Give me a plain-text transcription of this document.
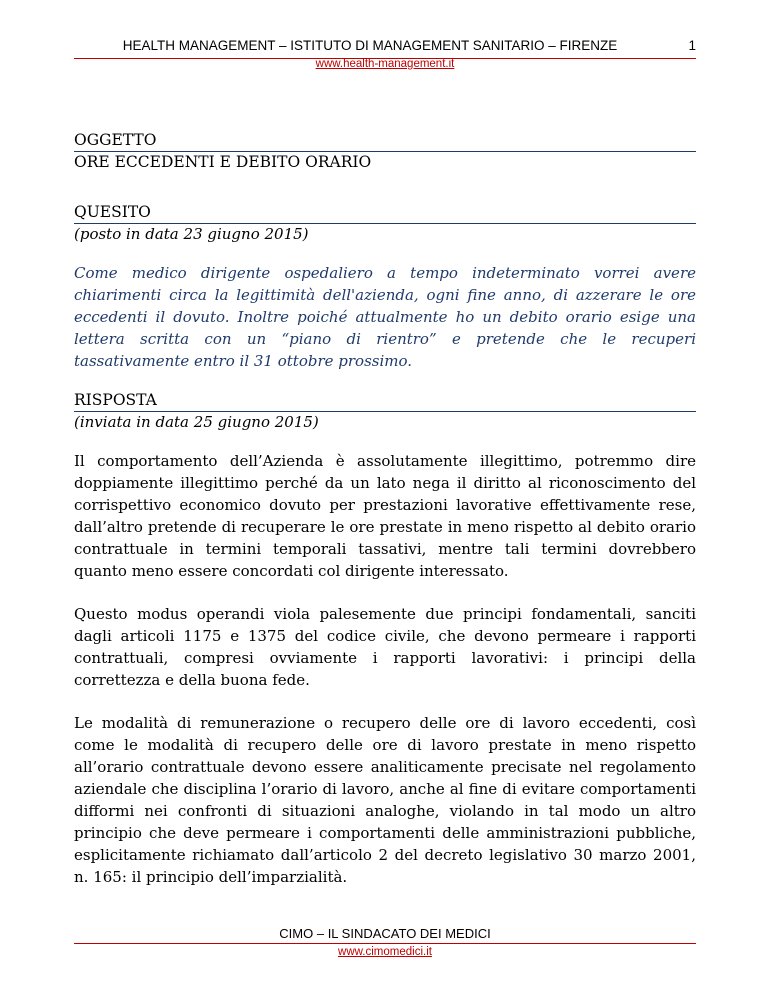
HEALTH MANAGEMENT – ISTITUTO DI MANAGEMENT SANITARIO – FIRENZE	1
www.health-management.it

OGGETTO

ORE ECCEDENTI E DEBITO ORARIO

QUESITO

(posto in data 23 giugno 2015)

Come medico dirigente ospedaliero a tempo indeterminato vorrei avere chiarimenti circa la legittimità dell'azienda, ogni fine anno, di azzerare le ore eccedenti il dovuto. Inoltre poiché attualmente ho un debito orario esige una lettera scritta con un “piano di rientro” e pretende che le recuperi tassativamente entro il 31 ottobre prossimo.

RISPOSTA

(inviata in data 25 giugno 2015)

Il comportamento dell’Azienda è assolutamente illegittimo, potremmo dire doppiamente illegittimo perché da un lato nega il diritto al riconoscimento del corrispettivo economico dovuto per prestazioni lavorative effettivamente rese, dall’altro pretende di recuperare le ore prestate in meno rispetto al debito orario contrattuale in termini temporali tassativi, mentre tali termini dovrebbero quanto meno essere concordati col dirigente interessato.

Questo modus operandi viola palesemente due principi fondamentali, sanciti dagli articoli 1175 e 1375 del codice civile, che devono permeare i rapporti contrattuali, compresi ovviamente i rapporti lavorativi: i principi della correttezza e della buona fede.

Le modalità di remunerazione o recupero delle ore di lavoro eccedenti, così come le modalità di recupero delle ore di lavoro prestate in meno rispetto all’orario contrattuale devono essere analiticamente precisate nel regolamento aziendale che disciplina l’orario di lavoro, anche al fine di evitare comportamenti difformi nei confronti di situazioni analoghe, violando in tal modo un altro principio che deve permeare i comportamenti delle amministrazioni pubbliche, esplicitamente richiamato dall’articolo 2 del decreto legislativo 30 marzo 2001, n. 165: il principio dell’imparzialità.

CIMO – IL SINDACATO DEI MEDICI
www.cimomedici.it
